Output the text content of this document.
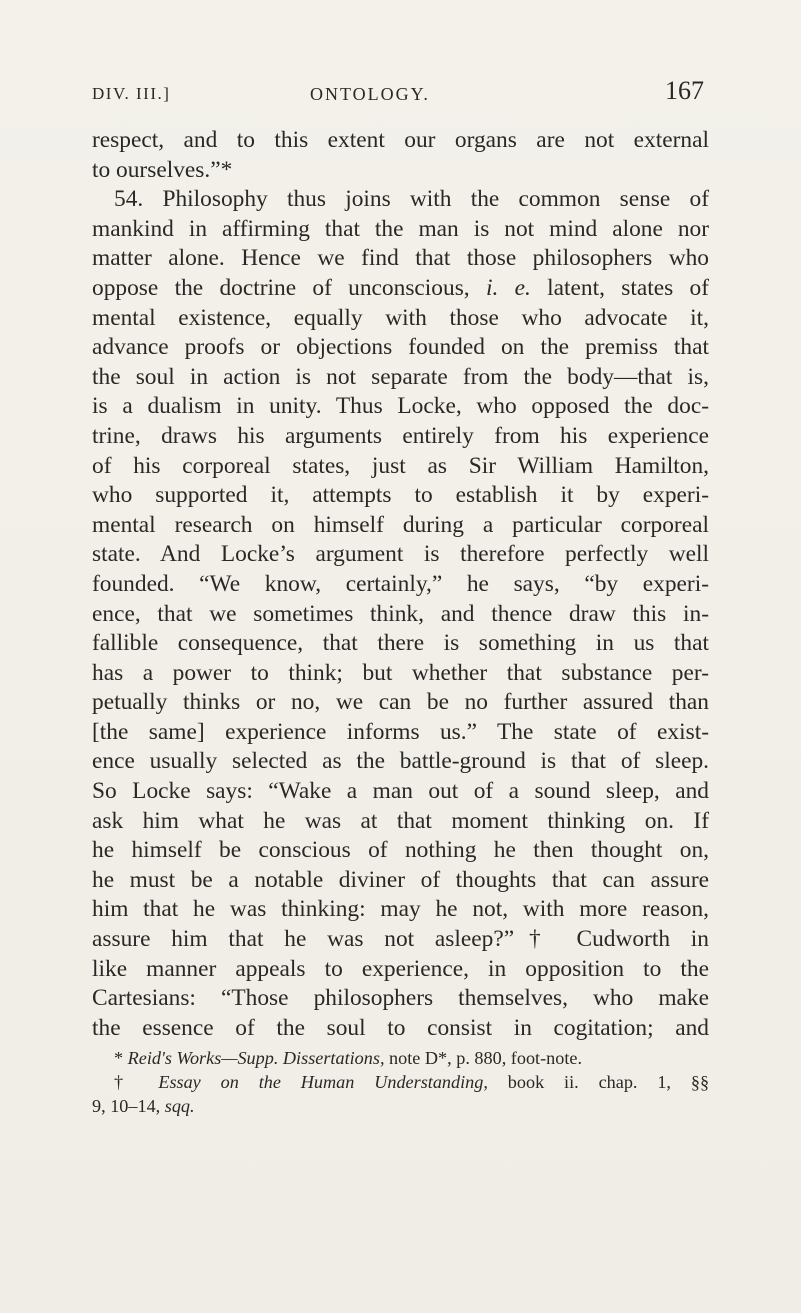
DIV. III.]	ONTOLOGY.	167
respect, and to this extent our organs are not external
to ourselves.”*
54. Philosophy thus joins with the common sense of
mankind in affirming that the man is not mind alone nor
matter alone. Hence we find that those philosophers who
oppose the doctrine of unconscious, i. e. latent, states of
mental existence, equally with those who advocate it,
advance proofs or objections founded on the premiss that
the soul in action is not separate from the body—that is,
is a dualism in unity. Thus Locke, who opposed the doc-
trine, draws his arguments entirely from his experience
of his corporeal states, just as Sir William Hamilton,
who supported it, attempts to establish it by experi-
mental research on himself during a particular corporeal
state. And Locke’s argument is therefore perfectly well
founded. “We know, certainly,” he says, “by experi-
ence, that we sometimes think, and thence draw this in-
fallible consequence, that there is something in us that
has a power to think; but whether that substance per-
petually thinks or no, we can be no further assured than
[the same] experience informs us.” The state of exist-
ence usually selected as the battle-ground is that of sleep.
So Locke says: “Wake a man out of a sound sleep, and
ask him what he was at that moment thinking on. If
he himself be conscious of nothing he then thought on,
he must be a notable diviner of thoughts that can assure
him that he was thinking: may he not, with more reason,
assure him that he was not asleep?”† Cudworth in
like manner appeals to experience, in opposition to the
Cartesians: “Those philosophers themselves, who make
the essence of the soul to consist in cogitation; and
* Reid's Works—Supp. Dissertations, note D*, p. 880, foot-note.
† Essay on the Human Understanding, book ii. chap. 1, §§
9, 10–14, sqq.
